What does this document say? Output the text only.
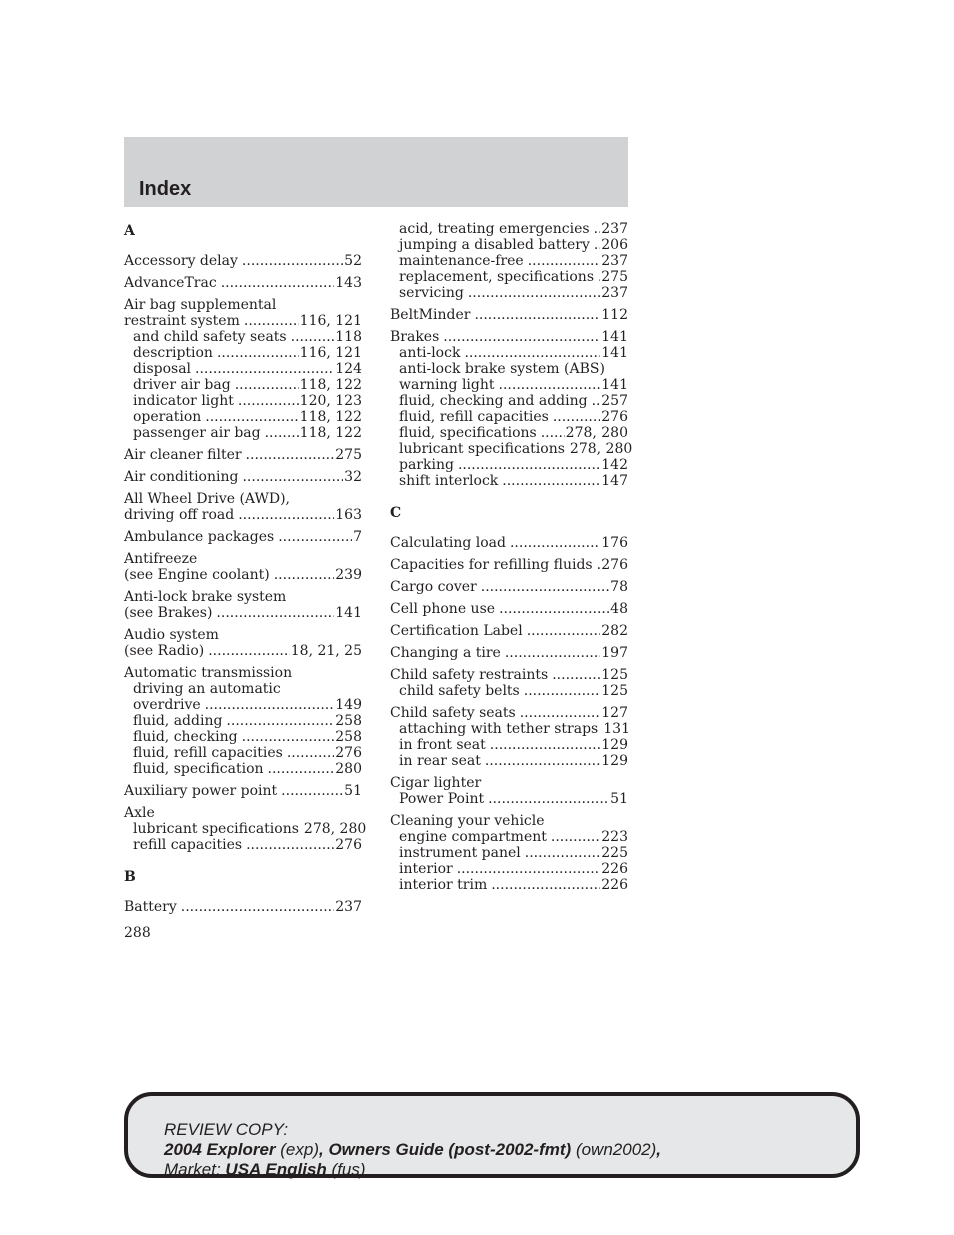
Index
A
Accessory delay .....	52
AdvanceTrac .....	143
Air bag supplemental
restraint system .....	116, 121
and child safety seats .....	118
description .....	116, 121
disposal .....	124
driver air bag .....	118, 122
indicator light .....	120, 123
operation .....	118, 122
passenger air bag .....	118, 122
Air cleaner filter .....	275
Air conditioning .....	32
All Wheel Drive (AWD),
driving off road .....	163
Ambulance packages .....	7
Antifreeze
(see Engine coolant) .....	239
Anti-lock brake system
(see Brakes) .....	141
Audio system
(see Radio) .....	18, 21, 25
Automatic transmission
driving an automatic
overdrive .....	149
fluid, adding .....	258
fluid, checking .....	258
fluid, refill capacities .....	276
fluid, specification .....	280
Auxiliary power point .....	51
Axle
lubricant specifications 278, 280
refill capacities .....	276
B
Battery .....	237
acid, treating emergencies ..... 237
jumping a disabled battery ..... 206
maintenance-free .....	237
replacement, specifications ..... 275
servicing .....	237
BeltMinder .....	112
Brakes .....	141
anti-lock .....	141
anti-lock brake system (ABS)
warning light .....	141
fluid, checking and adding ..... 257
fluid, refill capacities .....	276
fluid, specifications ..... 278, 280
lubricant specifications 278, 280
parking .....	142
shift interlock .....	147
C
Calculating load .....	176
Capacities for refilling fluids ..... 276
Cargo cover .....	78
Cell phone use .....	48
Certification Label .....	282
Changing a tire .....	197
Child safety restraints .....	125
child safety belts .....	125
Child safety seats .....	127
attaching with tether straps 131
in front seat .....	129
in rear seat .....	129
Cigar lighter
Power Point .....	51
Cleaning your vehicle
engine compartment .....	223
instrument panel .....	225
interior .....	226
interior trim .....	226
288
REVIEW COPY:
2004 Explorer (exp), Owners Guide (post-2002-fmt) (own2002),
Market: USA English (fus)
